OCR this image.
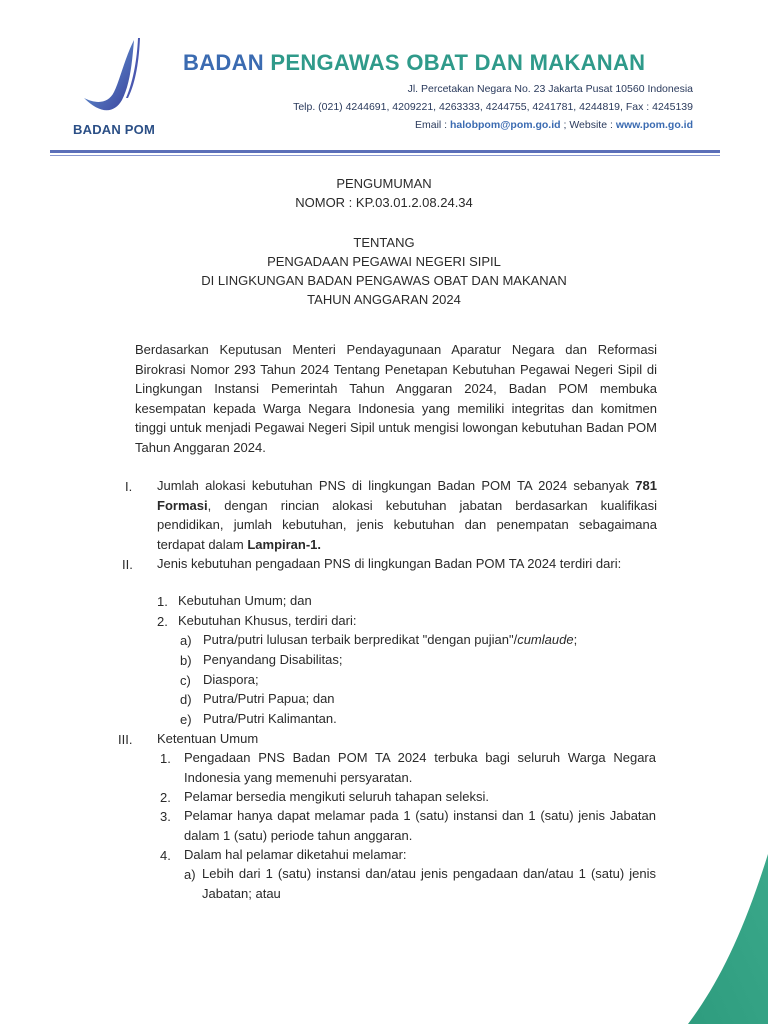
BADAN POM
BADAN PENGAWAS OBAT DAN MAKANAN
Jl. Percetakan Negara No. 23 Jakarta Pusat 10560 Indonesia
Telp. (021) 4244691, 4209221, 4263333, 4244755, 4241781, 4244819, Fax : 4245139
Email : halobpom@pom.go.id ; Website : www.pom.go.id
PENGUMUMAN
NOMOR : KP.03.01.2.08.24.34
TENTANG
PENGADAAN PEGAWAI NEGERI SIPIL
DI LINGKUNGAN BADAN PENGAWAS OBAT DAN MAKANAN
TAHUN ANGGARAN 2024
Berdasarkan Keputusan Menteri Pendayagunaan Aparatur Negara dan Reformasi Birokrasi Nomor 293 Tahun 2024 Tentang Penetapan Kebutuhan Pegawai Negeri Sipil di Lingkungan Instansi Pemerintah Tahun Anggaran 2024, Badan POM membuka kesempatan kepada Warga Negara Indonesia yang memiliki integritas dan komitmen tinggi untuk menjadi Pegawai Negeri Sipil untuk mengisi lowongan kebutuhan Badan POM Tahun Anggaran 2024.
I. Jumlah alokasi kebutuhan PNS di lingkungan Badan POM TA 2024 sebanyak 781 Formasi, dengan rincian alokasi kebutuhan jabatan berdasarkan kualifikasi pendidikan, jumlah kebutuhan, jenis kebutuhan dan penempatan sebagaimana terdapat dalam Lampiran-1.
II. Jenis kebutuhan pengadaan PNS di lingkungan Badan POM TA 2024 terdiri dari:
1. Kebutuhan Umum; dan
2. Kebutuhan Khusus, terdiri dari:
a) Putra/putri lulusan terbaik berpredikat "dengan pujian"/cumlaude;
b) Penyandang Disabilitas;
c) Diaspora;
d) Putra/Putri Papua; dan
e) Putra/Putri Kalimantan.
III. Ketentuan Umum
1. Pengadaan PNS Badan POM TA 2024 terbuka bagi seluruh Warga Negara Indonesia yang memenuhi persyaratan.
2. Pelamar bersedia mengikuti seluruh tahapan seleksi.
3. Pelamar hanya dapat melamar pada 1 (satu) instansi dan 1 (satu) jenis Jabatan dalam 1 (satu) periode tahun anggaran.
4. Dalam hal pelamar diketahui melamar:
a) Lebih dari 1 (satu) instansi dan/atau jenis pengadaan dan/atau 1 (satu) jenis Jabatan; atau
